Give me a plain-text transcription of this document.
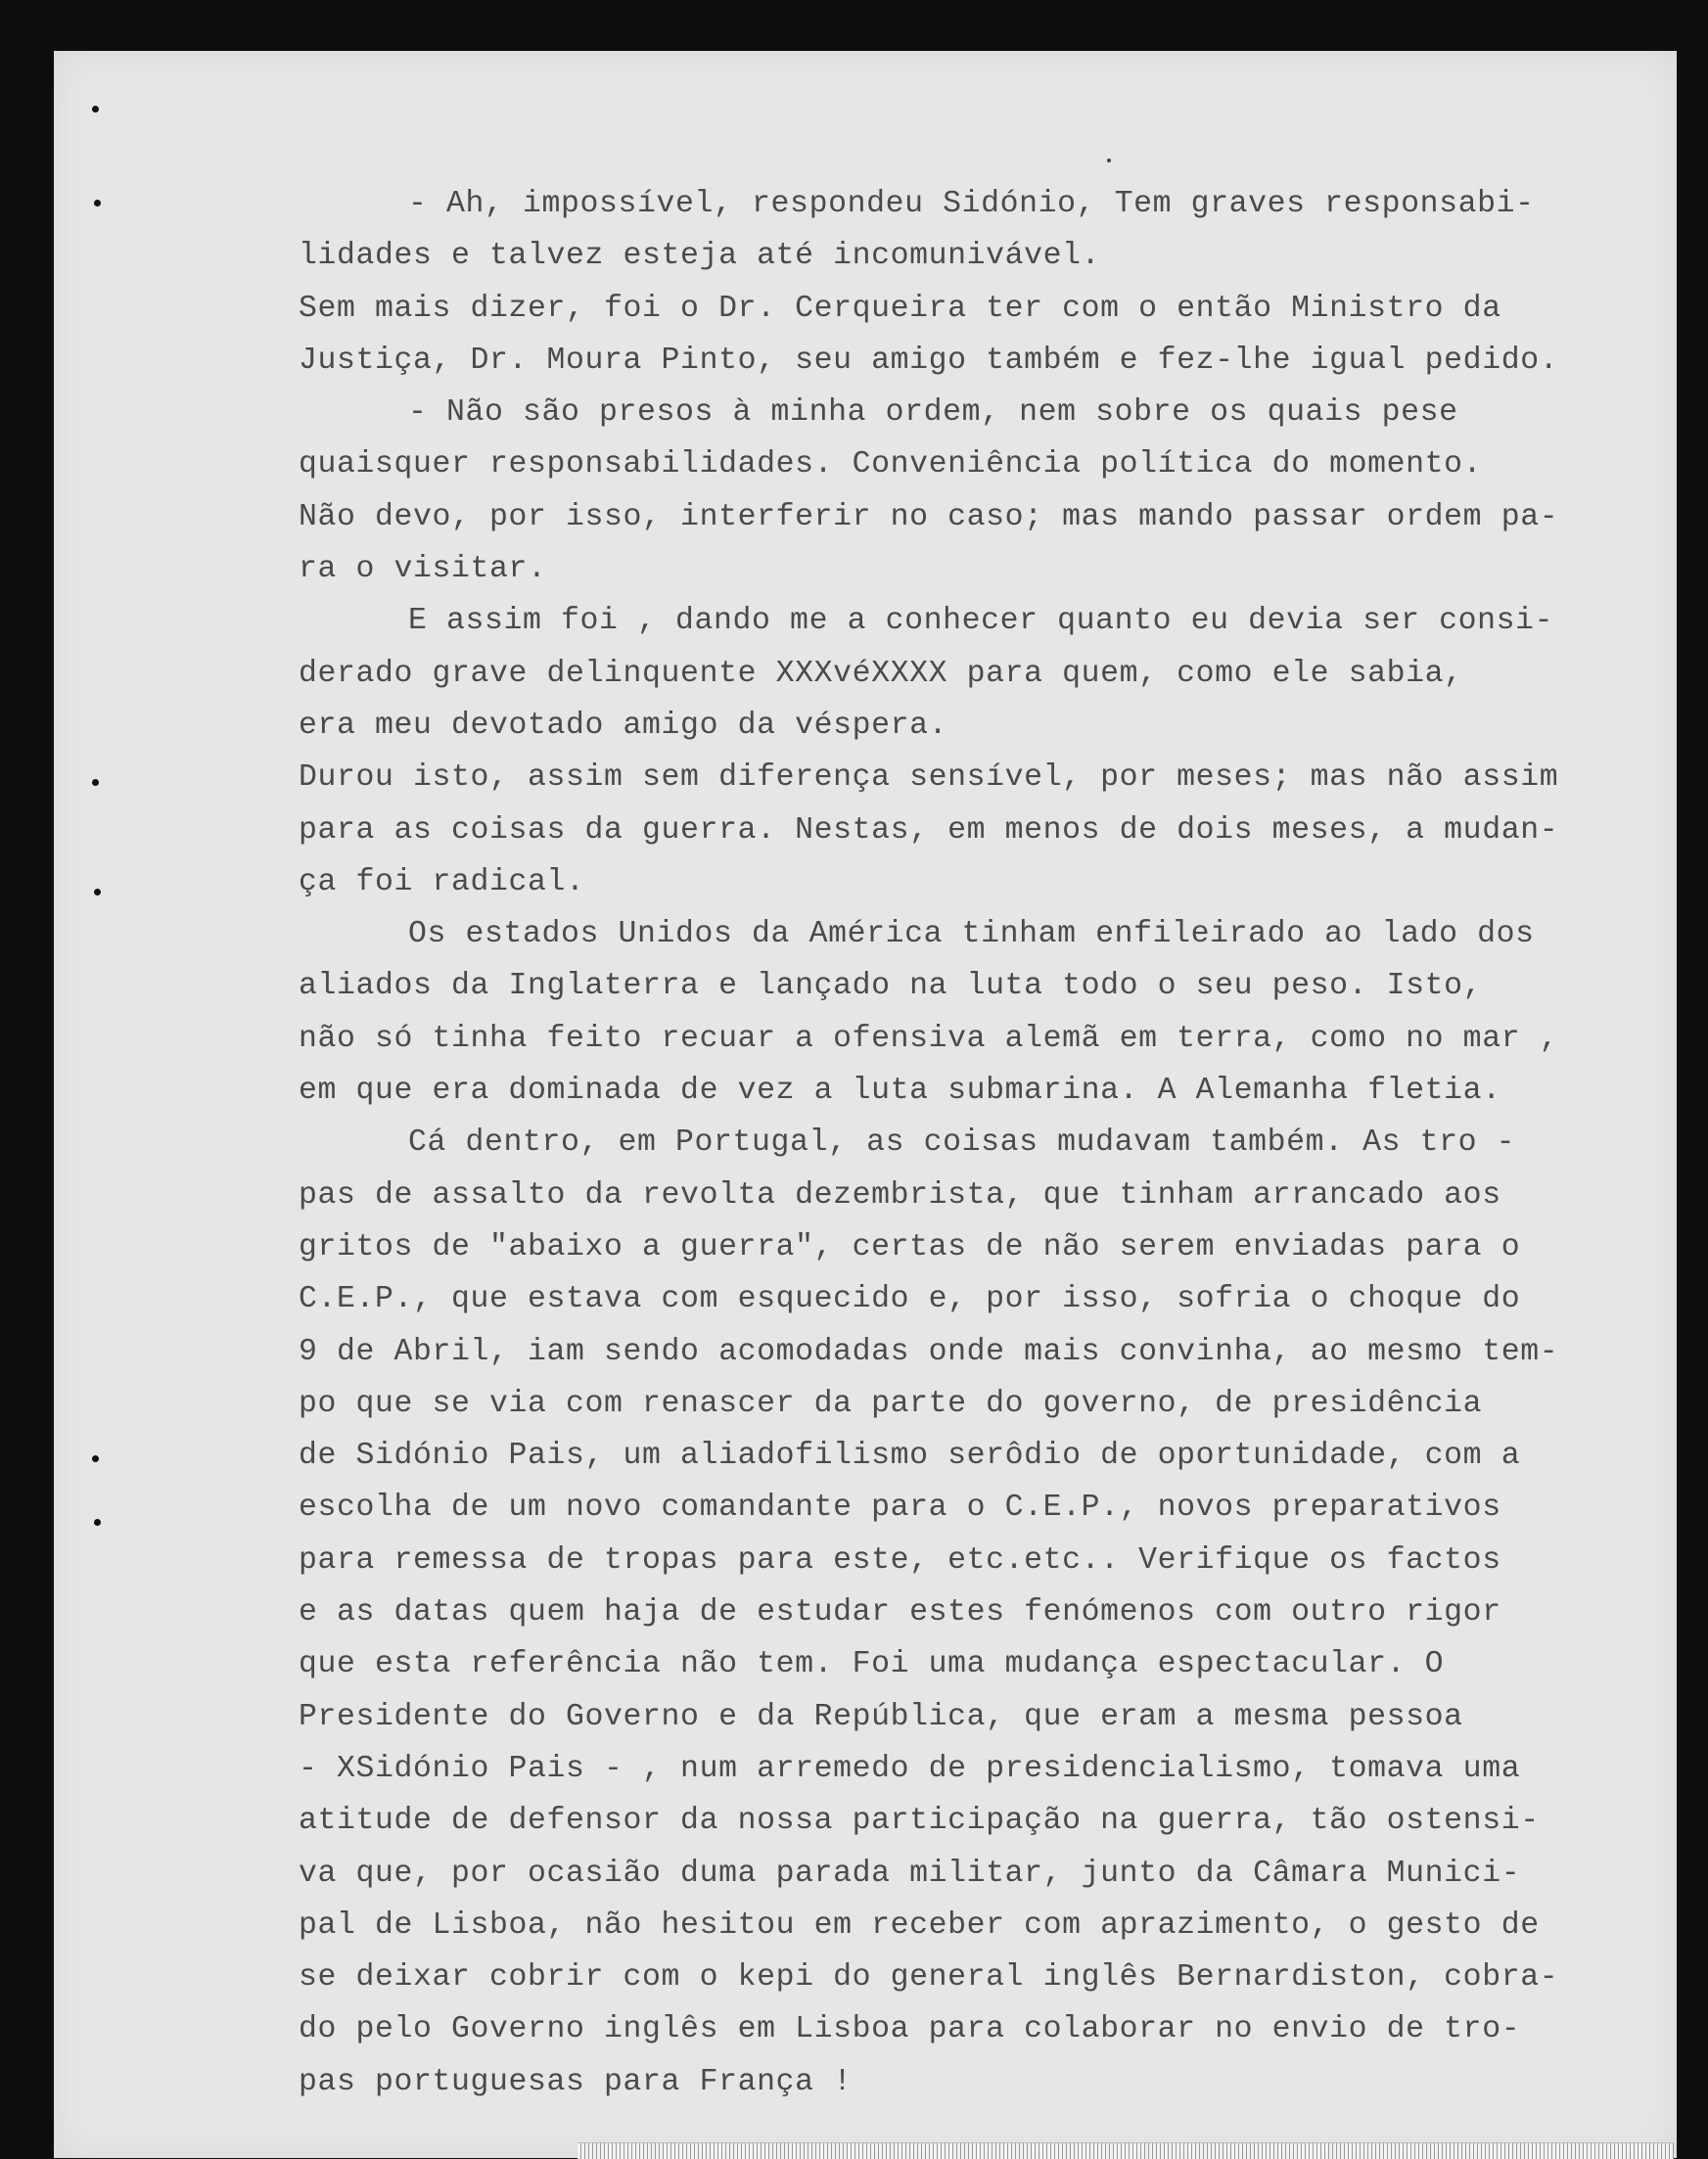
- Ah, impossível, respondeu Sidónio, Tem graves responsabi-
lidades e talvez esteja até incomunivável.
Sem mais dizer, foi o Dr. Cerqueira ter com o então Ministro da
Justiça, Dr. Moura Pinto, seu amigo também e fez-lhe igual pedido.
- Não são presos à minha ordem, nem sobre os quais pese
quaisquer responsabilidades. Conveniência política do momento.
Não devo, por isso, interferir no caso; mas mando passar ordem pa-
ra o visitar.
E assim foi , dando me a conhecer quanto eu devia ser consi-
derado grave delinquente XXXvéXXXX para quem, como ele sabia,
era meu devotado amigo da véspera.
Durou isto, assim sem diferença sensível, por meses; mas não assim
para as coisas da guerra. Nestas, em menos de dois meses, a mudan-
ça foi radical.
Os estados Unidos da América tinham enfileirado ao lado dos
aliados da Inglaterra e lançado na luta todo o seu peso. Isto,
não só tinha feito recuar a ofensiva alemã em terra, como no mar ,
em que era dominada de vez a luta submarina. A Alemanha fletia.
Cá dentro, em Portugal, as coisas mudavam também. As tro -
pas de assalto da revolta dezembrista, que tinham arrancado aos
gritos de "abaixo a guerra", certas de não serem enviadas para o
C.E.P., que estava com esquecido e, por isso, sofria o choque do
9 de Abril, iam sendo acomodadas onde mais convinha, ao mesmo tem-
po que se via com renascer da parte do governo, de presidência
de Sidónio Pais, um aliadofilismo serôdio de oportunidade, com a
escolha de um novo comandante para o C.E.P., novos preparativos
para remessa de tropas para este, etc.etc.. Verifique os factos
e as datas quem haja de estudar estes fenómenos com outro rigor
que esta referência não tem. Foi uma mudança espectacular. O
Presidente do Governo e da República, que eram a mesma pessoa
- XSidónio Pais - , num arremedo de presidencialismo, tomava uma
atitude de defensor da nossa participação na guerra, tão ostensi-
va que, por ocasião duma parada militar, junto da Câmara Munici-
pal de Lisboa, não hesitou em receber com aprazimento, o gesto de
se deixar cobrir com o kepi do general inglês Bernardiston, cobra-
do pelo Governo inglês em Lisboa para colaborar no envio de tro-
pas portuguesas para França !
